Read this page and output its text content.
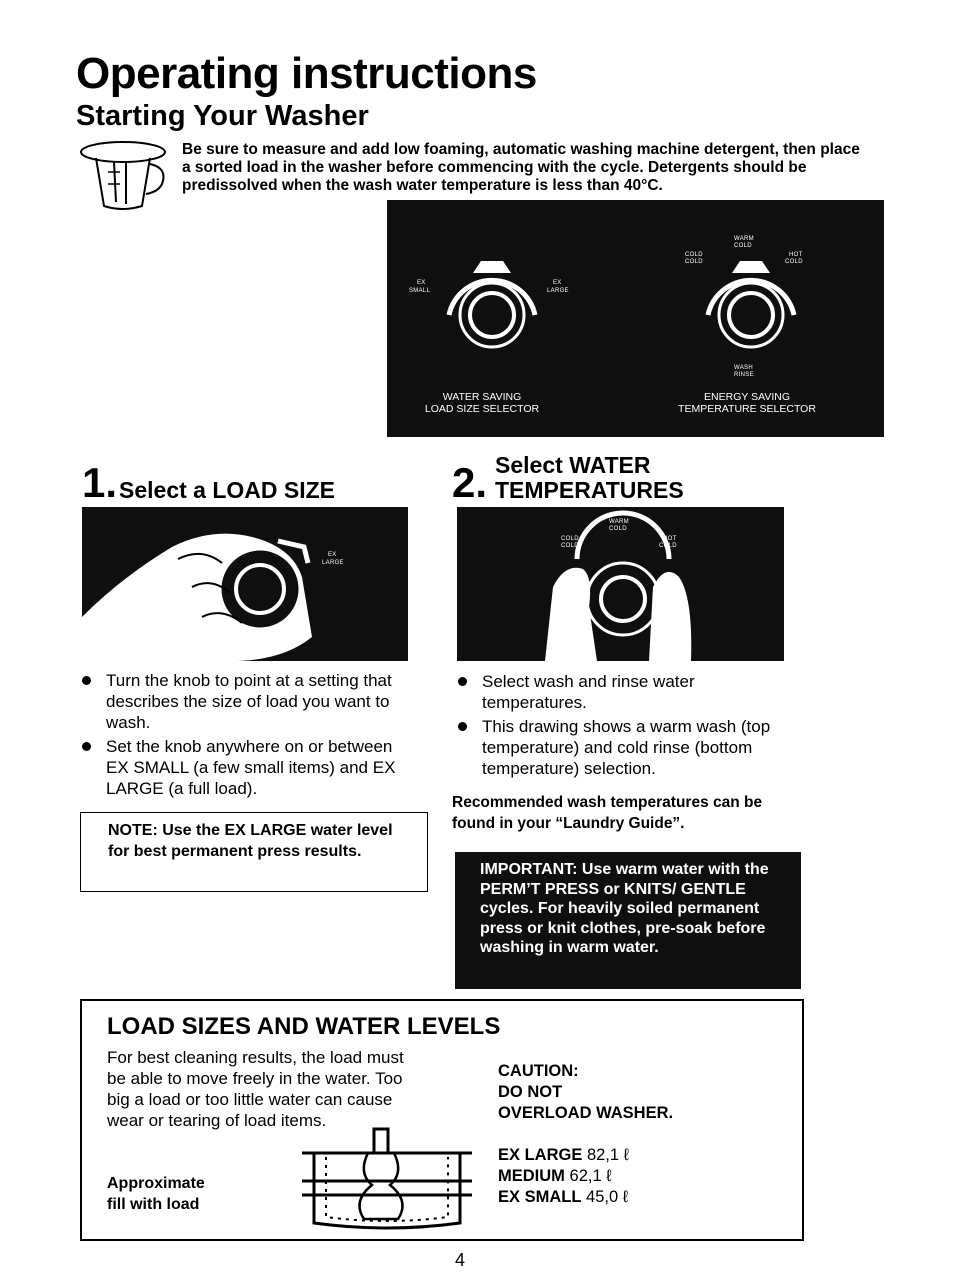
Operating instructions
Starting Your Washer
Be sure to measure and add low foaming, automatic washing machine detergent, then place a sorted load in the washer before commencing with the cycle. Detergents should be predissolved when the wash water temperature is less than 40°C.
EX
SMALL
EX
LARGE
WATER SAVING
LOAD SIZE SELECTOR
WARM
COLD
COLD
COLD
HOT
COLD
WASH
RINSE
ENERGY SAVING
TEMPERATURE SELECTOR
1. Select a LOAD SIZE
EX
LARGE
Turn the knob to point at a setting that describes the size of load you want to wash.
Set the knob anywhere on or between EX SMALL (a few small items) and EX LARGE (a full load).

NOTE: Use the EX LARGE water level for best permanent press results.

2. Select WATER
TEMPERATURES
WARM
COLD
COLD
COLD
HOT
COLD
Select wash and rinse water temperatures.
This drawing shows a warm wash (top temperature) and cold rinse (bottom temperature) selection.
Recommended wash temperatures can be found in your “Laundry Guide”.

IMPORTANT: Use warm water with the PERM’T PRESS or KNITS/ GENTLE cycles. For heavily soiled permanent press or knit clothes, pre-soak before washing in warm water.

LOAD SIZES AND WATER LEVELS
For best cleaning results, the load must be able to move freely in the water. Too big a load or too little water can cause wear or tearing of load items.
Approximate
fill with load
CAUTION:
DO NOT
OVERLOAD WASHER.
EX LARGE 82,1 ℓ
MEDIUM 62,1 ℓ
EX SMALL 45,0 ℓ
4
